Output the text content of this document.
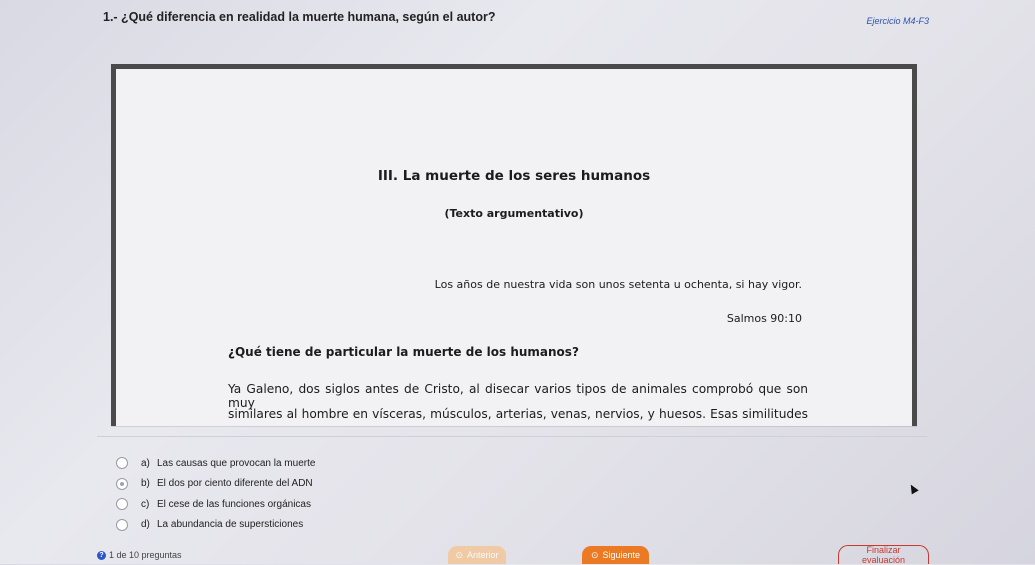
1.- ¿Qué diferencia en realidad la muerte humana, según el autor?	Ejercicio M4-F3
III. La muerte de los seres humanos
(Texto argumentativo)
Los años de nuestra vida son unos setenta u ochenta, si hay vigor.
Salmos 90:10
¿Qué tiene de particular la muerte de los humanos?
Ya Galeno, dos siglos antes de Cristo, al disecar varios tipos de animales comprobó que son muy
similares al hombre en vísceras, músculos, arterias, venas, nervios, y huesos. Esas similitudes
a) Las causas que provocan la muerte
b) El dos por ciento diferente del ADN
c) El cese de las funciones orgánicas
d) La abundancia de supersticiones
? 1 de 10 preguntas	⊙ Anterior	⊙ Siguiente	Finalizar evaluación
